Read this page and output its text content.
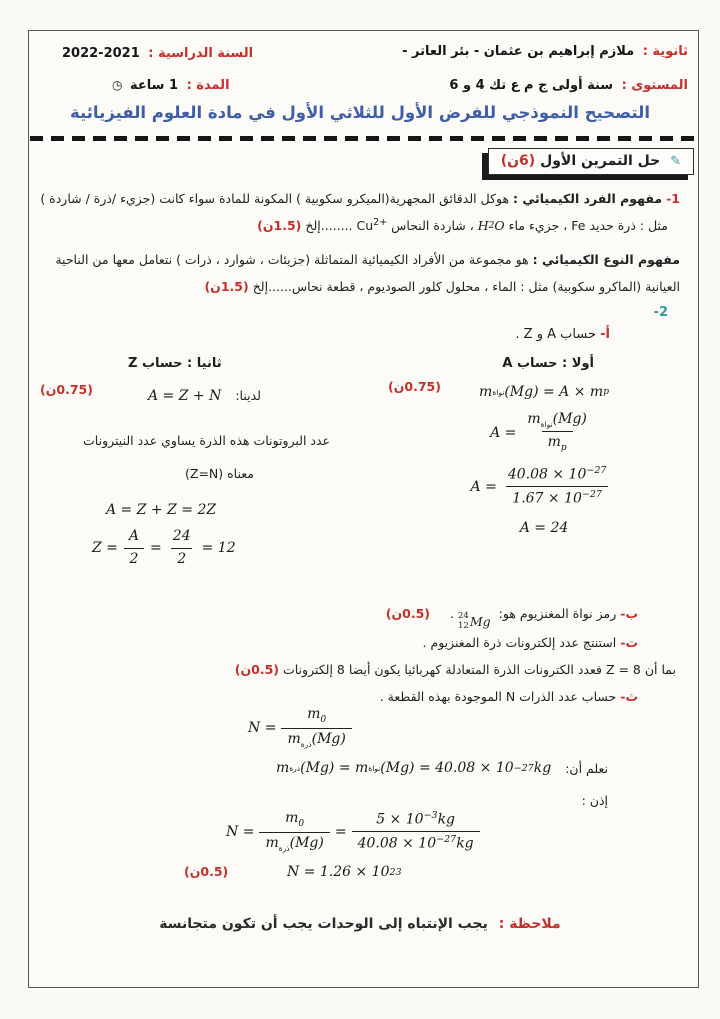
ثانوية : ملازم إبراهيم بن عثمان - بئر العاتر -
السنة الدراسية : 2022-2021
المستوى : سنة أولى ج م ع تك 4 و 6
المدة : 1 ساعة ◷
التصحيح النموذجي للفرض الأول للثلاثي الأول في مادة العلوم الفيزيائية
✎ حل التمرين الأول (6ن)
1- مفهوم الفرد الكيميائي : هوكل الدقائق المجهرية(الميكرو سكوبية ) المكونة للمادة سواء كانت (جزيء /ذرة / شاردة )
مثل : ذرة حديد Fe ، جزيء ماء
H 2 O
، شاردة النحاس $Cu^{2+}$ ........إلخ (1.5ن)
مفهوم النوع الكيميائي : هو مجموعة من الأفراد الكيميائية المتماثلة (جزيئات ، شوارد ، ذرات ) نتعامل معها من الناحية
العيانية (الماكرو سكوبية) مثل : الماء ، محلول كلور الصوديوم ، قطعة نحاس......إلخ (1.5ن)
2-
أ- حساب A و Z .
أولا : حساب A
(0.75ن)	m نواة (Mg) = A × m p
$A = \frac{m_{نواة}(Mg)}{m_p}$
$A = \frac{40.08 \times 10^{-27}}{1.67 \times 10^{-27}}$
A = 24
ثانيا : حساب Z
(0.75ن)	لدينا: A = Z + N
عدد البروتونات هذه الذرة يساوي عدد النيترونات
معناه (Z=N)
A = Z + Z = 2Z
$Z = \frac{A}{2} = \frac{24}{2} = 12$
ب- رمز نواة المغنزيوم هو:
24
12 Mg
. (0.5ن)
ت- استنتج عدد إلكترونات ذرة المغنزيوم .
بما أن Z = 8 فعدد الكترونات الذرة المتعادلة كهربائيا يكون أيضا 8 إلكترونات (0.5ن)
ث- حساب عدد الذرات N الموجودة بهذه القطعة .
$N = \frac{m_0}{m_{ذرة}(Mg)}$
نعلم أن:
m ذرة (Mg) = m نواة (Mg) = 40.08 × 10 −27 kg
إذن :
$N = \frac{m_0}{m_{ذرة}(Mg)} = \frac{5 \times 10^{-3}kg}{40.08 \times 10^{-27}kg}$
(0.5ن)	N = 1.26 × 10 23
ملاحظة : يجب الإنتباه إلى الوحدات يجب أن تكون متجانسة
